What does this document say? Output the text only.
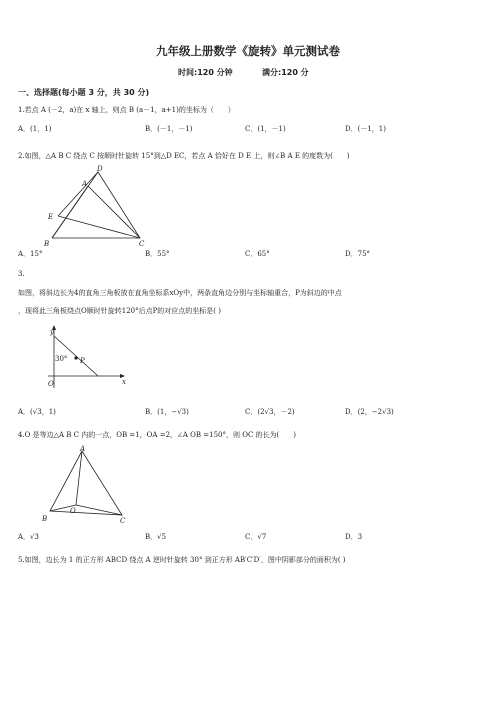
九年级上册数学《旋转》单元测试卷
时间:120 分钟	满分:120 分
一、选择题(每小题 3 分，共 30 分)
1.若点 A (－2，a)在 x 轴上，则点 B (a－1，a+1)的坐标为（　　）
A．(1，1)	B．(－1，－1)	C．(1，－1)	D．(－1，1)
2.如图，△A B C 绕点 C 按顺时针旋转 15°到△D EC，若点 A 恰好在 D E 上，则∠B A E 的度数为(　　)
D
A
E
B	C
A．15°	B．55°	C．65°	D．75°
3.
如图，将斜边长为4的直角三角板放在直角坐标系xOy中，两条直角边分别与坐标轴重合，P为斜边的中点
，现将此三角板绕点O顺时针旋转120°后点P的对应点的坐标是( )
y
30° P
O	x
A．(√3，1)	B．(1，−√3)	C．(2√3，－2)	D．(2，−2√3)
4.O 是等边△A B C 内的一点，OB =1，OA =2，∠A OB =150°，则 OC 的长为(　　)
A
O
B	C
A．√3	B．√5	C．√7	D．3
5.如图，边长为 1 的正方形 ABCD 绕点 A 逆时针旋转 30° 到正方形 AB′C′D′，图中阴影部分的面积为( )
